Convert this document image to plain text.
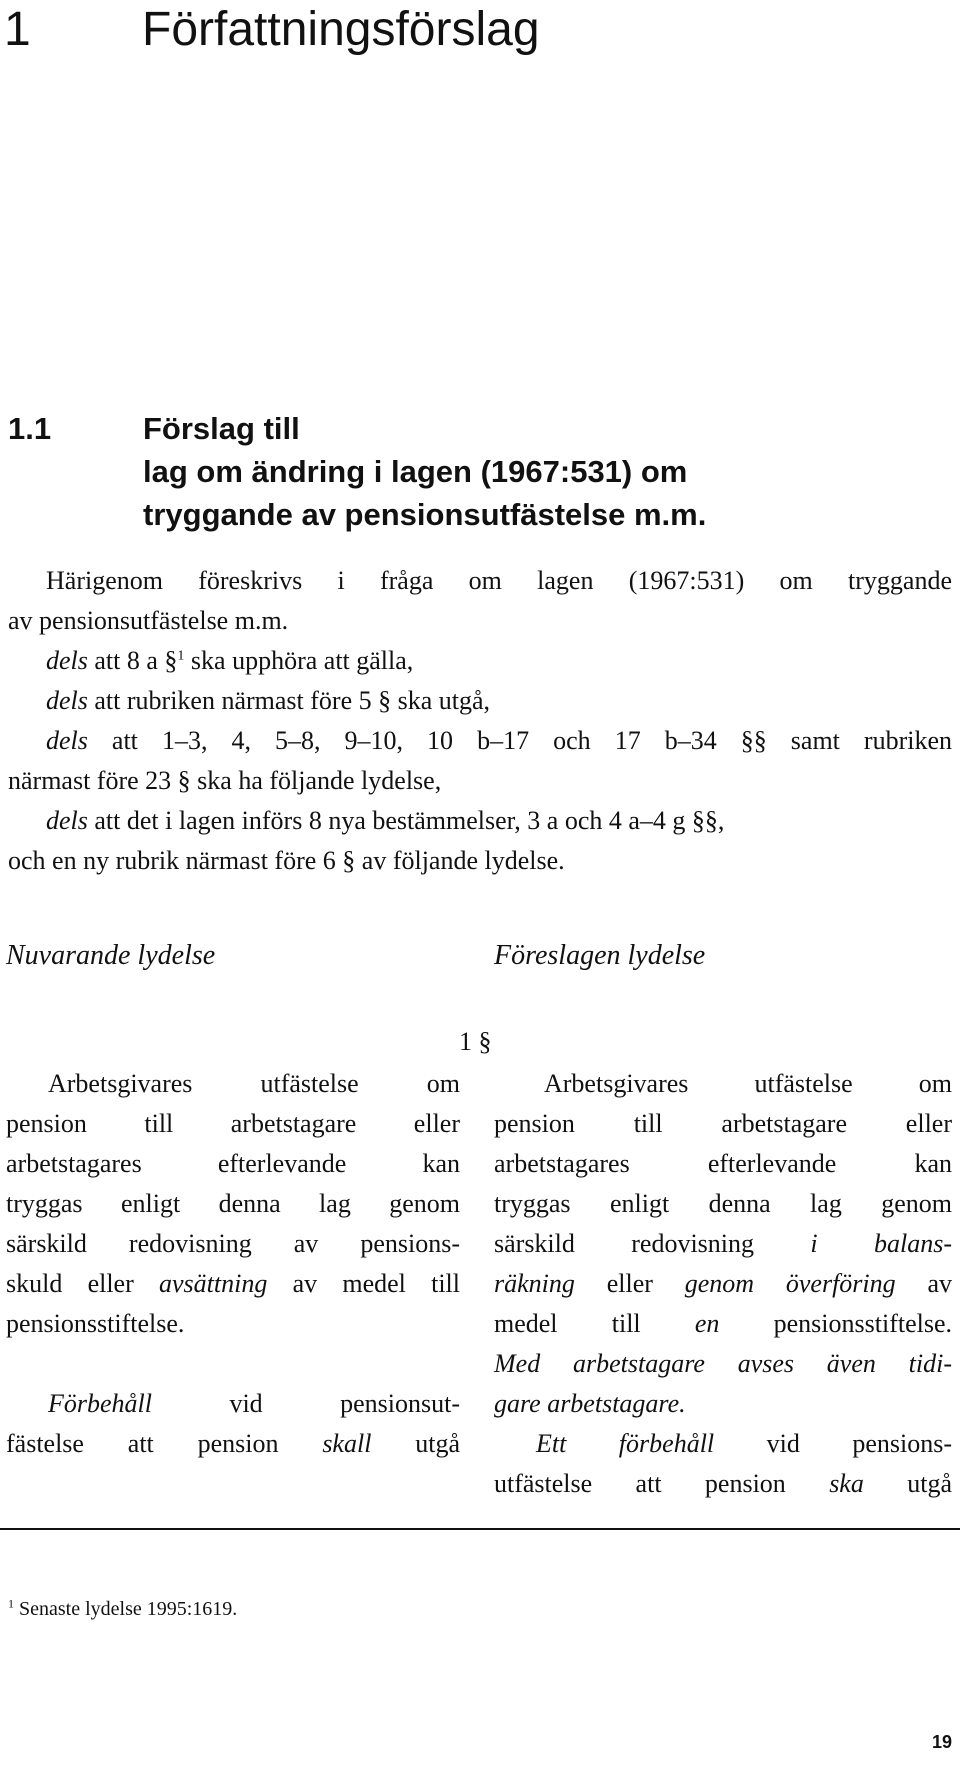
1 Författningsförslag
1.1	Förslag till
lag om ändring i lagen (1967:531) om
tryggande av pensionsutfästelse m.m.
Härigenom föreskrivs i fråga om lagen (1967:531) om tryggande
av pensionsutfästelse m.m.
dels att 8 a §$^1$ ska upphöra att gälla,
dels att rubriken närmast före 5 § ska utgå,
dels att 1–3, 4, 5–8, 9–10, 10 b–17 och 17 b–34 §§ samt rubriken
närmast före 23 § ska ha följande lydelse,
dels att det i lagen införs 8 nya bestämmelser, 3 a och 4 a–4 g §§,
och en ny rubrik närmast före 6 § av följande lydelse.
Nuvarande lydelse	Föreslagen lydelse
1 §
Arbetsgivares utfästelse om
pension till arbetstagare eller
arbetstagares efterlevande kan
tryggas enligt denna lag genom
särskild redovisning av pensions-
skuld eller avsättning av medel till
pensionsstiftelse.
Förbehåll	vid pensionsut-
fästelse att pension skall utgå
Arbetsgivares utfästelse om
pension till arbetstagare eller
arbetstagares efterlevande kan
tryggas enligt denna lag genom
särskild redovisning i balans-
räkning eller genom överföring av
medel till en pensionsstiftelse.
Med arbetstagare avses även tidi-
gare arbetstagare.
Ett förbehåll vid pensions-
utfästelse att pension ska utgå
$^1$ Senaste lydelse 1995:1619.
19
